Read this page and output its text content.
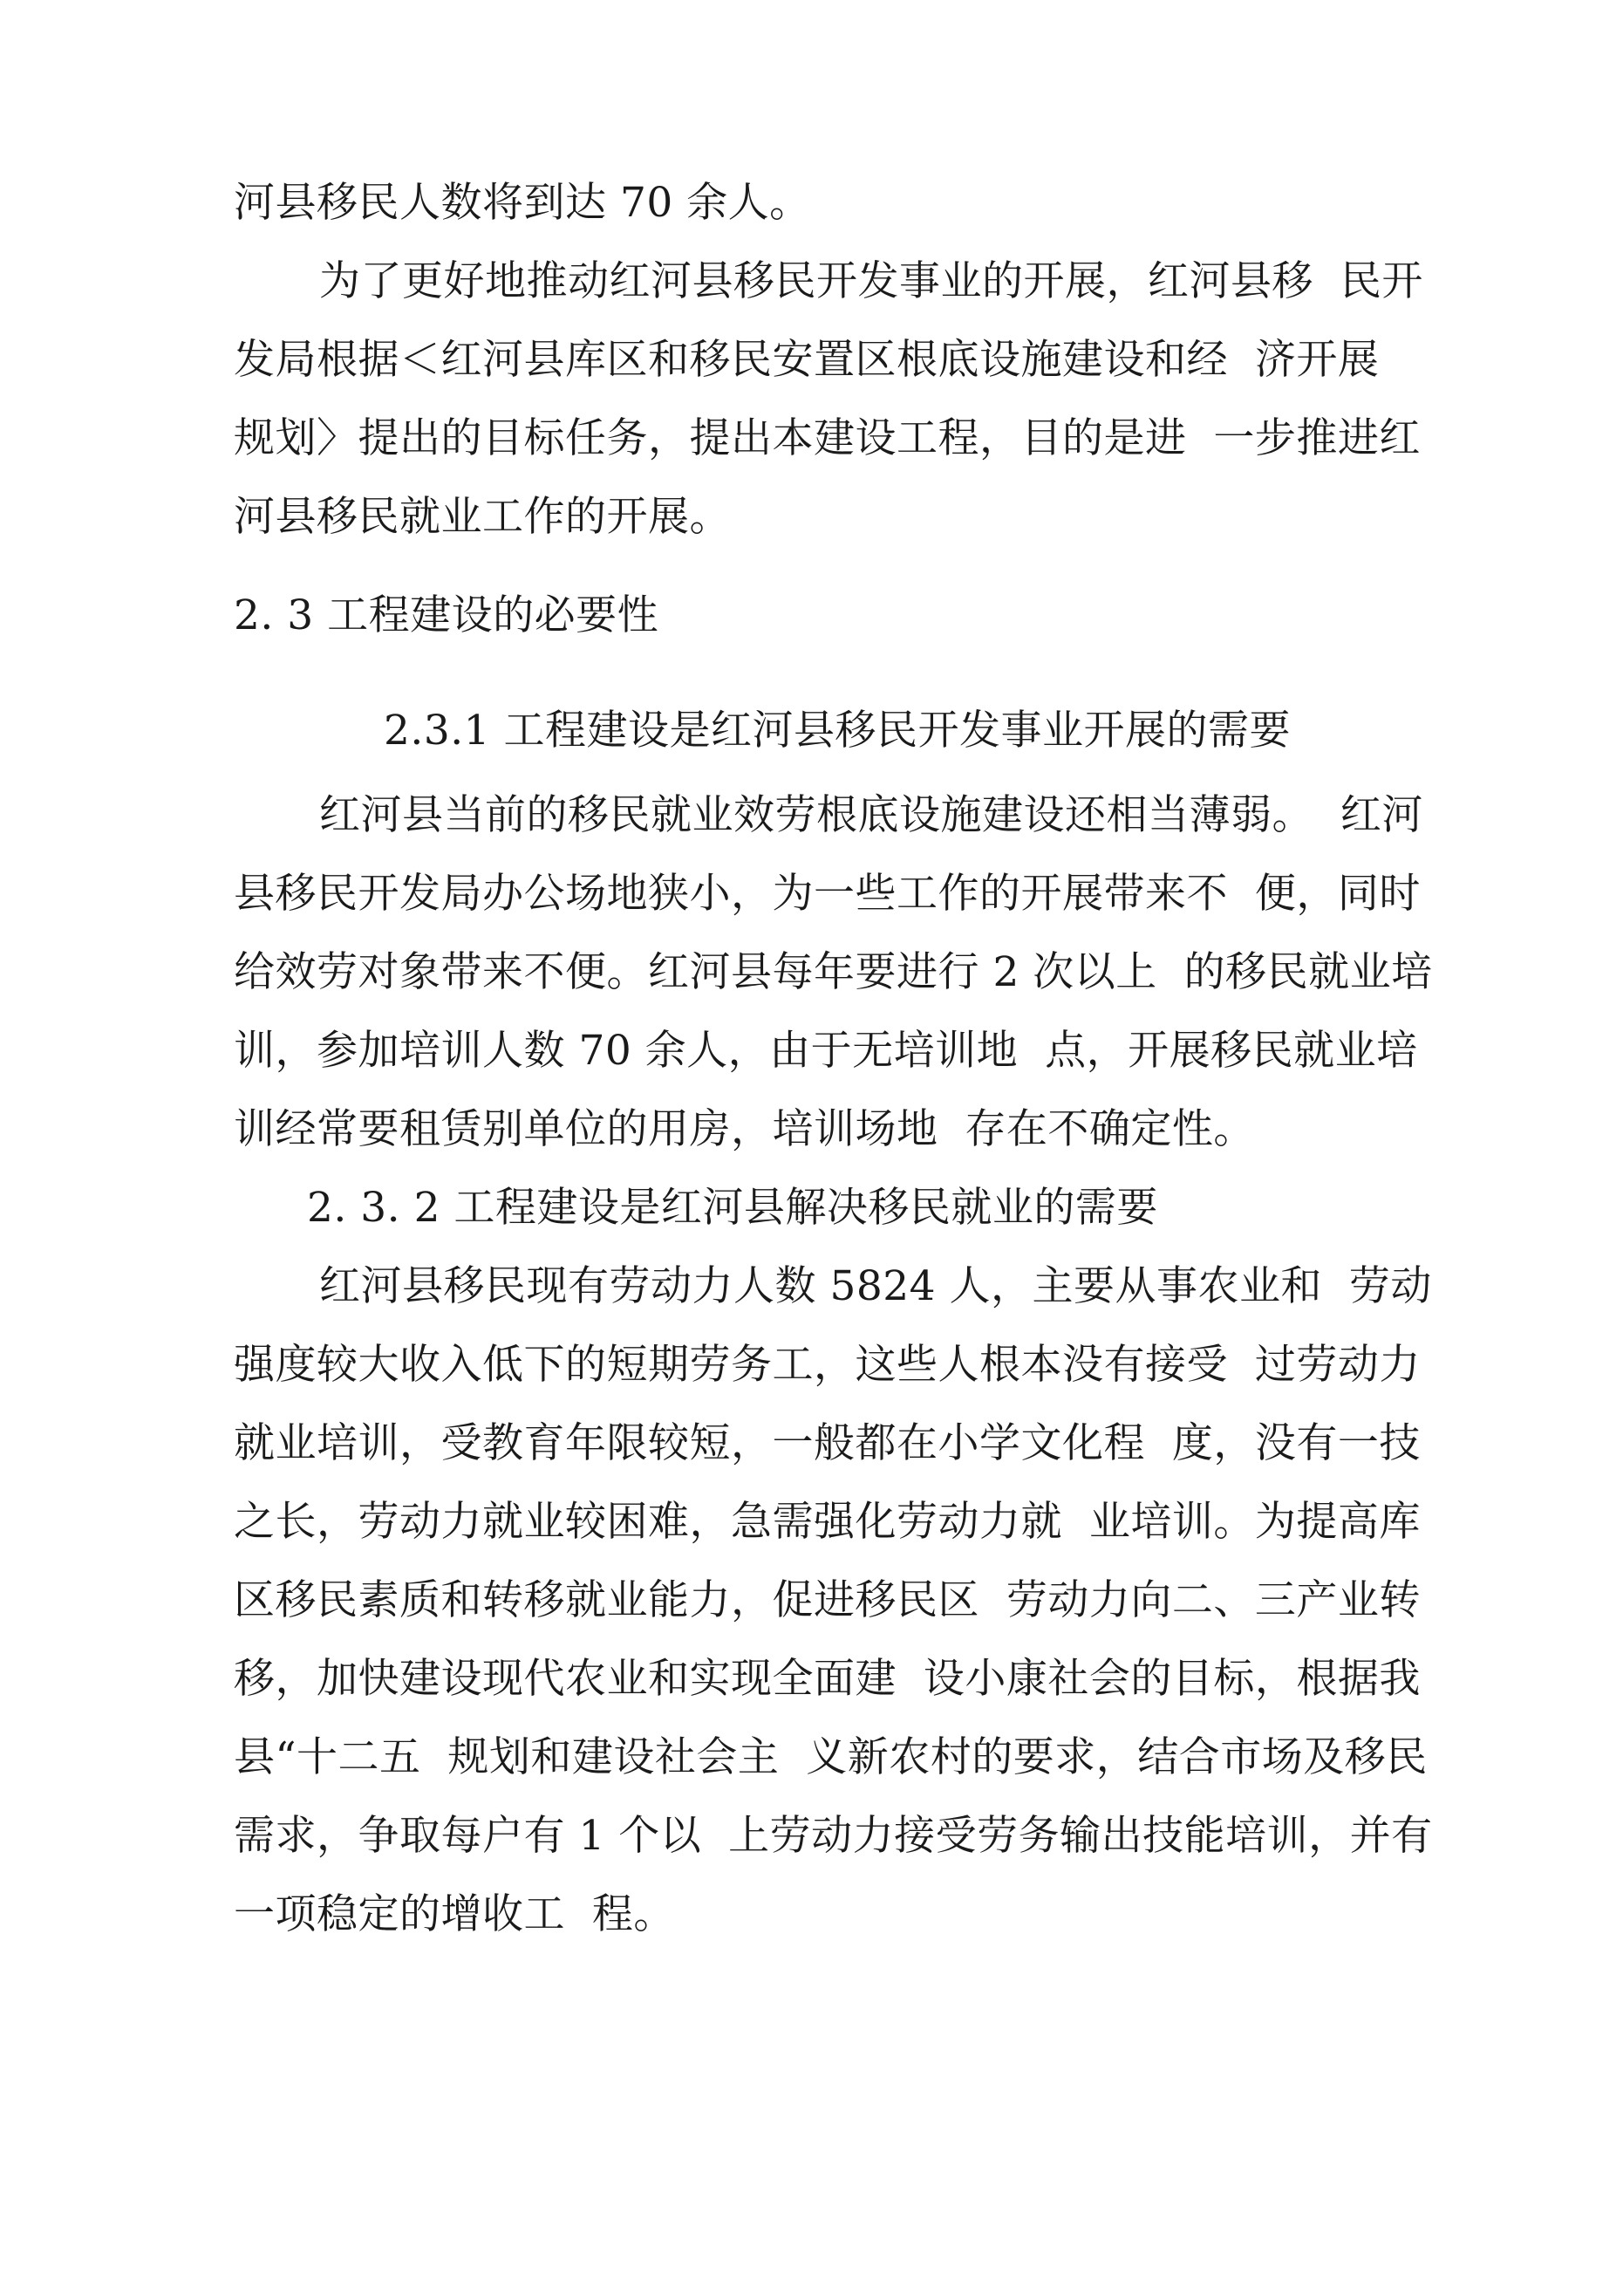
河县移民人数将到达 70 余人。
为了更好地推动红河县移民开发事业的开展，红河县移  民开
发局根据＜红河县库区和移民安置区根底设施建设和经  济开展
规划〉提出的目标任务，提出本建设工程，目的是进  一步推进红
河县移民就业工作的开展。
2. 3 工程建设的必要性
2.3.1 工程建设是红河县移民开发事业开展的需要
红河县当前的移民就业效劳根底设施建设还相当薄弱。  红河
县移民开发局办公场地狭小，为一些工作的开展带来不  便，同时
给效劳对象带来不便。红河县每年要进行 2 次以上  的移民就业培
训，参加培训人数 70 余人，由于无培训地  点，开展移民就业培
训经常要租赁别单位的用房，培训场地  存在不确定性。
2. 3. 2 工程建设是红河县解决移民就业的需要
红河县移民现有劳动力人数 5824 人，主要从事农业和  劳动
强度较大收入低下的短期劳务工，这些人根本没有接受  过劳动力
就业培训，受教育年限较短，一般都在小学文化程  度，没有一技
之长，劳动力就业较困难，急需强化劳动力就  业培训。为提高库
区移民素质和转移就业能力，促进移民区  劳动力向二、三产业转
移，加快建设现代农业和实现全面建  设小康社会的目标，根据我
县“十二五  规划和建设社会主  义新农村的要求，结合市场及移民
需求，争取每户有 1 个以  上劳动力接受劳务输出技能培训，并有
一项稳定的增收工  程。
